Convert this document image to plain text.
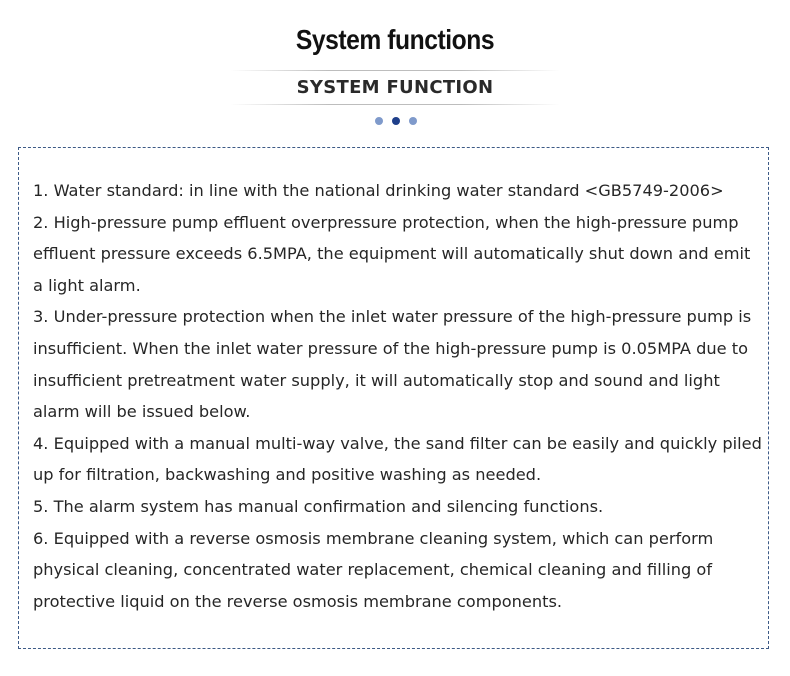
System functions
SYSTEM FUNCTION
1. Water standard: in line with the national drinking water standard <GB5749-2006>
2. High-pressure pump effluent overpressure protection, when the high-pressure pump effluent pressure exceeds 6.5MPA, the equipment will automatically shut down and emit a light alarm.
3. Under-pressure protection when the inlet water pressure of the high-pressure pump is insufficient. When the inlet water pressure of the high-pressure pump is 0.05MPA due to insufficient pretreatment water supply, it will automatically stop and sound and light alarm will be issued below.
4. Equipped with a manual multi-way valve, the sand filter can be easily and quickly piled up for filtration, backwashing and positive washing as needed.
5. The alarm system has manual confirmation and silencing functions.
6. Equipped with a reverse osmosis membrane cleaning system, which can perform physical cleaning, concentrated water replacement, chemical cleaning and filling of protective liquid on the reverse osmosis membrane components.
